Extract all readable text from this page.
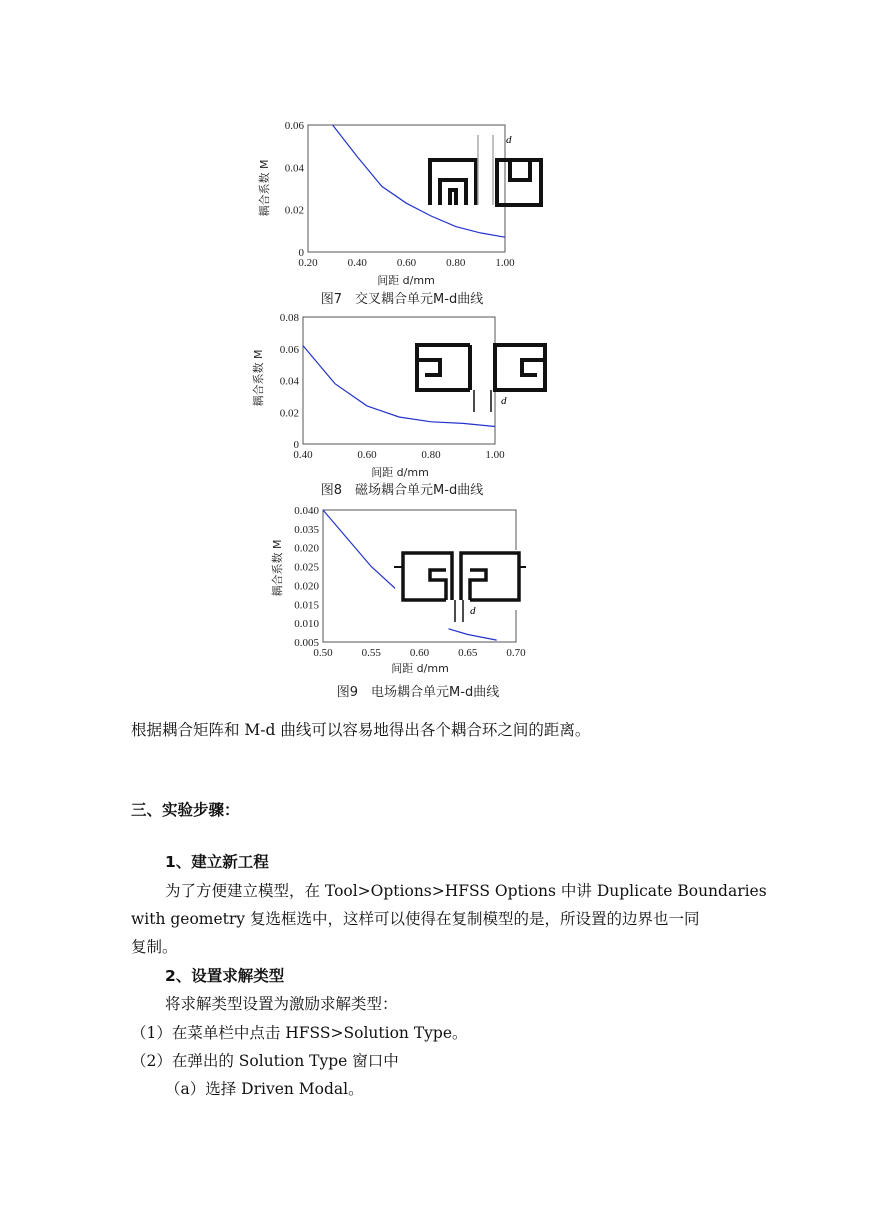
0.20	0.40	0.60	0.80	1.00
0
0.02
0.04
0.06
耦合系数 M
间距 d/mm
图7　交叉耦合单元M-d曲线
d
0.40	0.60	0.80	1.00
0
0.02
0.04
0.06
0.08
耦合系数 M
间距 d/mm
图8　磁场耦合单元M-d曲线
d
0.50	0.55	0.60	0.65	0.70
0.005
0.010
0.015
0.020
0.025
0.020
0.035
0.040
耦合系数 M
间距 d/mm
图9　电场耦合单元M-d曲线
d
根据耦合矩阵和 M-d 曲线可以容易地得出各个耦合环之间的距离。
三、实验步骤：
1、建立新工程
为了方便建立模型，在 Tool>Options>HFSS Options 中讲 Duplicate Boundaries
with geometry 复选框选中，这样可以使得在复制模型的是，所设置的边界也一同
复制。
2、设置求解类型
将求解类型设置为激励求解类型：
（1）在菜单栏中点击 HFSS>Solution Type。
（2）在弹出的 Solution Type 窗口中
（a）选择 Driven Modal。
